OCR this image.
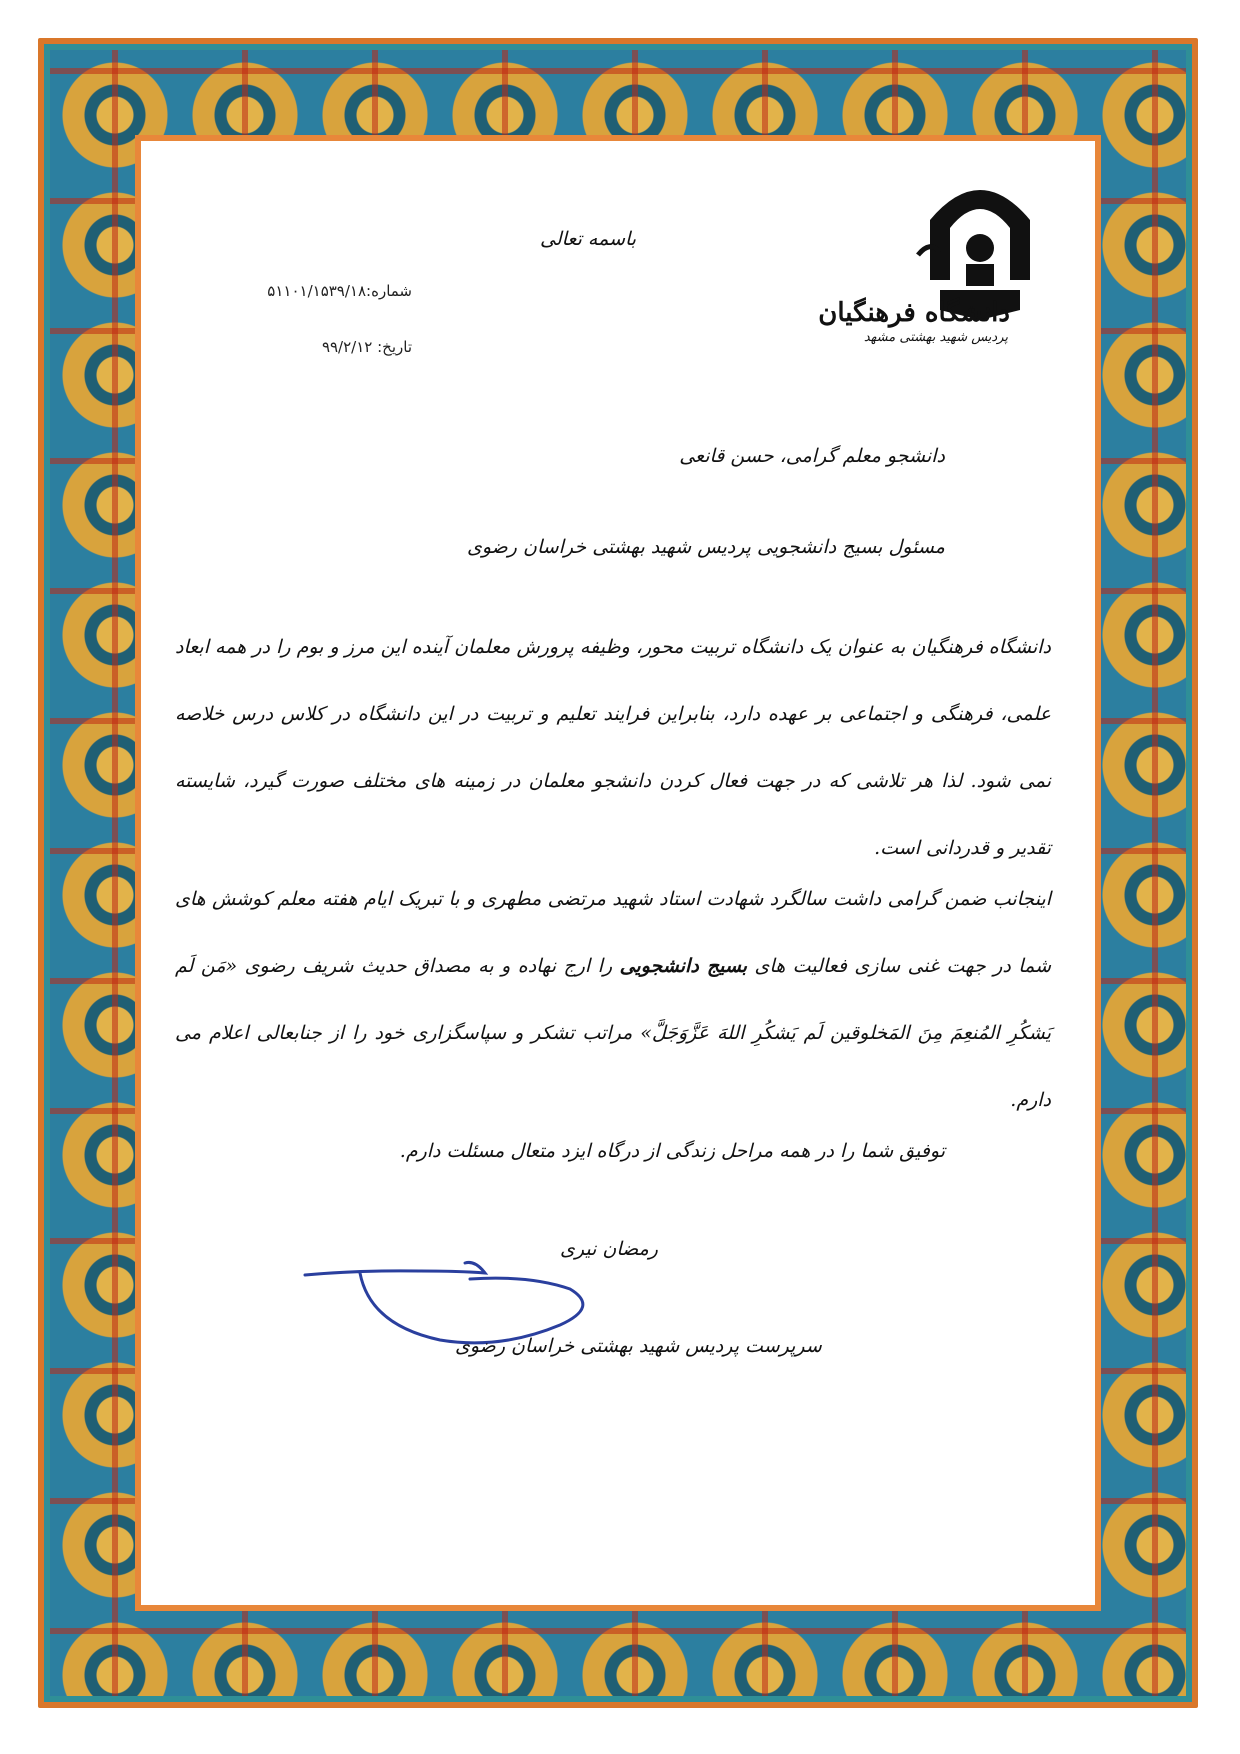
دانشگاه فرهنگیان
پردیس شهید بهشتی مشهد
باسمه تعالی
شماره:۵۱۱۰۱/۱۵۳۹/۱۸
تاریخ: ۹۹/۲/۱۲
دانشجو معلم گرامی، حسن قانعی
مسئول بسیج دانشجویی پردیس شهید بهشتی خراسان رضوی
دانشگاه فرهنگیان به عنوان یک دانشگاه تربیت محور، وظیفه پرورش معلمان آینده این مرز و بوم را در همه ابعاد علمی، فرهنگی و اجتماعی بر عهده دارد، بنابراین فرایند تعلیم و تربیت در این دانشگاه در کلاس درس خلاصه نمی شود. لذا هر تلاشی که در جهت فعال کردن دانشجو معلمان در زمینه های مختلف صورت گیرد، شایسته تقدیر و قدردانی است.
اینجانب ضمن گرامی داشت سالگرد شهادت استاد شهید مرتضی مطهری و با تبریک ایام هفته معلم کوشش های شما در جهت غنی سازی فعالیت های بسیج دانشجویی را ارج نهاده و به مصداق حدیث شریف رضوی «مَن لَم یَشکُرِ المُنعِمَ مِنَ المَخلوقین لَم یَشکُرِ اللهَ عَزَّوَجَلَّ» مراتب تشکر و سپاسگزاری خود را از جنابعالی اعلام می دارم.
توفیق شما را در همه مراحل زندگی از درگاه ایزد متعال مسئلت دارم.
رمضان نیری
سرپرست پردیس شهید بهشتی خراسان رضوی
